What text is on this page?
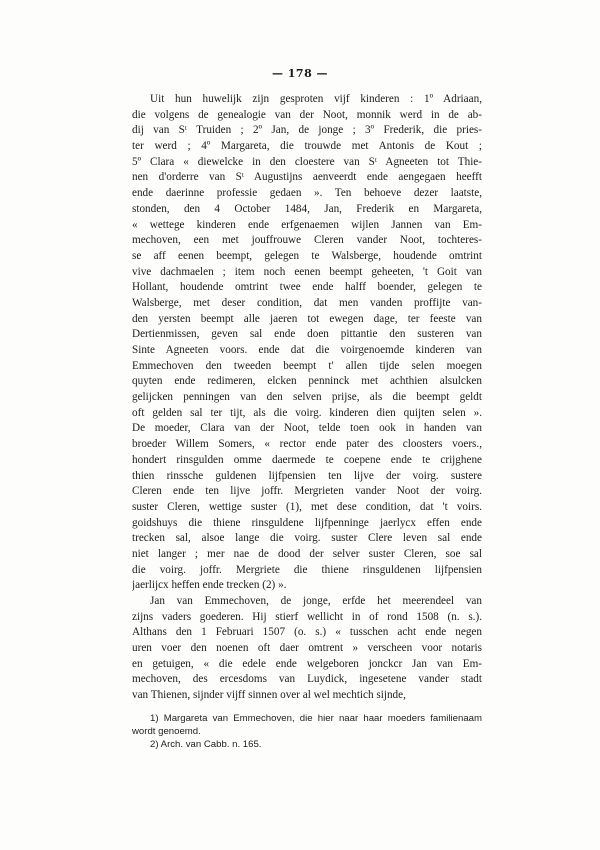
— 178 —
Uit hun huwelijk zijn gesproten vijf kinderen : 1º Adriaan,
die volgens de genealogie van der Noot, monnik werd in de ab-
dij van Sᵗ Truiden ; 2º Jan, de jonge ; 3º Frederik, die pries-
ter werd ; 4º Margareta, die trouwde met Antonis de Kout ;
5º Clara « diewelcke in den cloestere van Sᵗ Agneeten tot Thie-
nen d'orderre van Sᵗ Augustijns aenveerdt ende aengegaen heefft
ende daerinne professie gedaen ». Ten behoeve dezer laatste,
stonden, den 4 October 1484, Jan, Frederik en Margareta,
« wettege kinderen ende erfgenaemen wijlen Jannen van Em-
mechoven, een met jouffrouwe Cleren vander Noot, tochteres-
se aff eenen beempt, gelegen te Walsberge, houdende omtrint
vive dachmaelen ; item noch eenen beempt geheeten, 't Goit van
Hollant, houdende omtrint twee ende halff boender, gelegen te
Walsberge, met deser condition, dat men vanden proffijte van-
den yersten beempt alle jaeren tot ewegen dage, ter feeste van
Dertienmissen, geven sal ende doen pittantie den susteren van
Sinte Agneeten voors. ende dat die voirgenoemde kinderen van
Emmechoven den tweeden beempt t' allen tijde selen moegen
quyten ende redimeren, elcken penninck met achthien alsulcken
gelijcken penningen van den selven prijse, als die beempt geldt
oft gelden sal ter tijt, als die voirg. kinderen dien quijten selen ».
De moeder, Clara van der Noot, telde toen ook in handen van
broeder Willem Somers, « rector ende pater des cloosters voers.,
hondert rinsgulden omme daermede te coepene ende te crijghene
thien rinssche guldenen lijfpensien ten lijve der voirg. sustere
Cleren ende ten lijve joffr. Mergrieten vander Noot der voirg.
suster Cleren, wettige suster (1), met dese condition, dat 't voirs.
goidshuys die thiene rinsguldene lijfpenninge jaerlycx effen ende
trecken sal, alsoe lange die voirg. suster Clere leven sal ende
niet langer ; mer nae de dood der selver suster Cleren, soe sal
die voirg. joffr. Mergriete die thiene rinsguldenen lijfpensien
jaerlijcx heffen ende trecken (2) ».
Jan van Emmechoven, de jonge, erfde het meerendeel van
zijns vaders goederen. Hij stierf wellicht in of rond 1508 (n. s.).
Althans den 1 Februari 1507 (o. s.) « tusschen acht ende negen
uren voer den noenen oft daer omtrent » verscheen voor notaris
en getuigen, « die edele ende welgeboren jonckcr Jan van Em-
mechoven, des ercesdoms van Luydick, ingesetene vander stadt
van Thienen, sijnder vijff sinnen over al wel mechtich sijnde,
1) Margareta van Emmechoven, die hier naar haar moeders familienaam
wordt genoemd.
2) Arch. van Cabb. n. 165.
